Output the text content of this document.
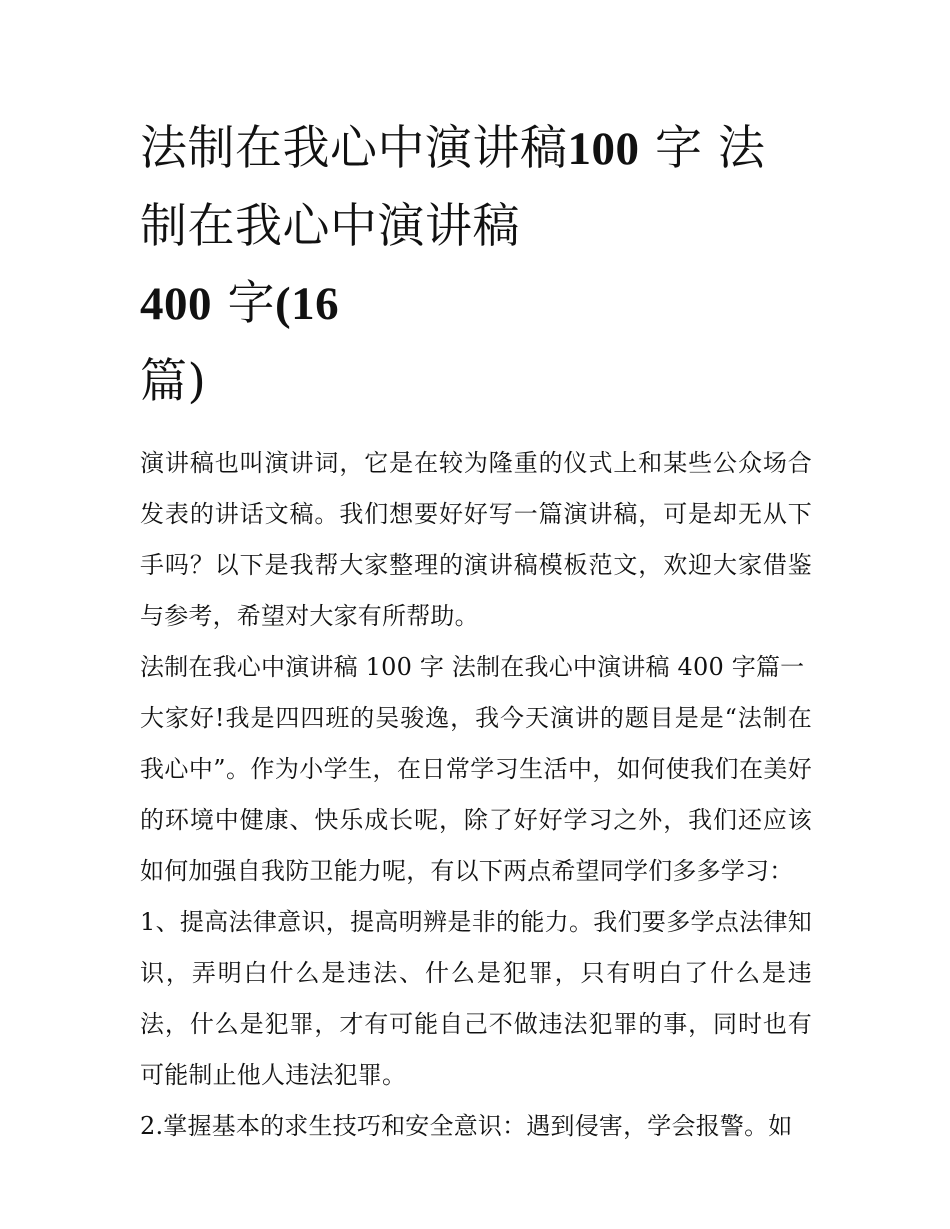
法制在我心中演讲稿100 字 法制在我心中演讲稿
400 字(16
篇)

演讲稿也叫演讲词，它是在较为隆重的仪式上和某些公众场合发表的讲话文稿。我们想要好好写一篇演讲稿，可是却无从下手吗？以下是我帮大家整理的演讲稿模板范文，欢迎大家借鉴与参考，希望对大家有所帮助。

法制在我心中演讲稿 100 字 法制在我心中演讲稿 400 字篇一

大家好!我是四四班的吴骏逸，我今天演讲的题目是是“法制在我心中”。作为小学生，在日常学习生活中，如何使我们在美好的环境中健康、快乐成长呢，除了好好学习之外，我们还应该如何加强自我防卫能力呢，有以下两点希望同学们多多学习：

1、提高法律意识，提高明辨是非的能力。我们要多学点法律知识，弄明白什么是违法、什么是犯罪，只有明白了什么是违法，什么是犯罪，才有可能自己不做违法犯罪的事，同时也有可能制止他人违法犯罪。

2.掌握基本的求生技巧和安全意识：遇到侵害，学会报警。如
